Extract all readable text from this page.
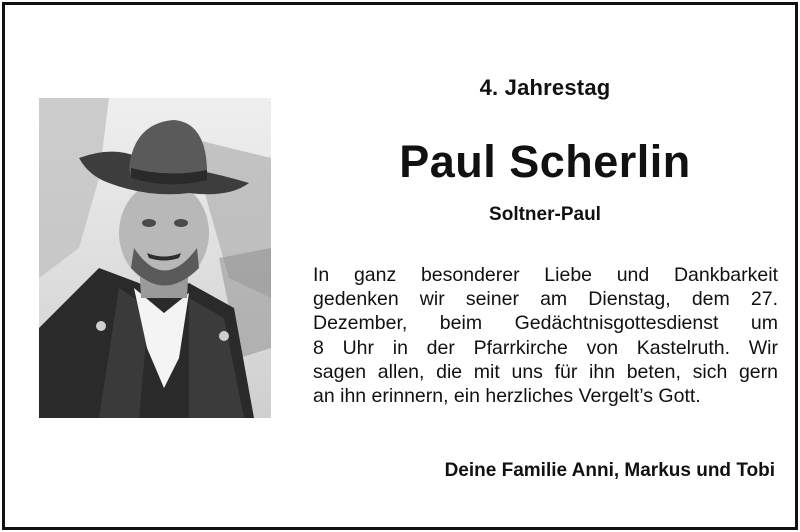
4. Jahrestag
Paul Scherlin
Soltner-Paul
In ganz besonderer Liebe und Dankbarkeit
gedenken wir seiner am Dienstag, dem 27.
Dezember, beim Gedächtnisgottesdienst um
8 Uhr in der Pfarrkirche von Kastelruth. Wir
sagen allen, die mit uns für ihn beten, sich gern
an ihn erinnern, ein herzliches Vergelt’s Gott.
Deine Familie Anni, Markus und Tobi
